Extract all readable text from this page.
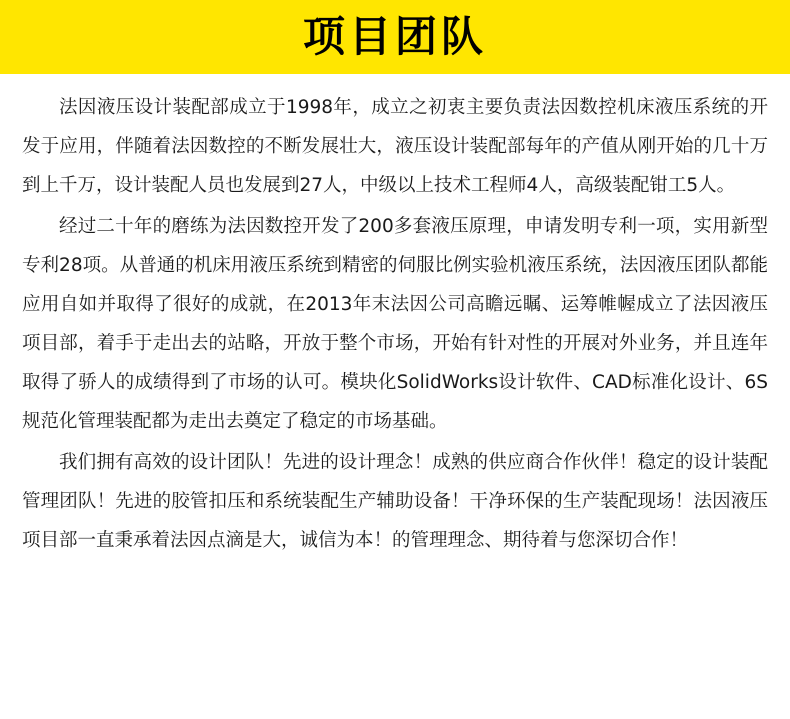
项目团队

法因液压设计装配部成立于1998年，成立之初衷主要负责法因数控机床液压系统的开发于应用，伴随着法因数控的不断发展壮大，液压设计装配部每年的产值从刚开始的几十万到上千万，设计装配人员也发展到27人，中级以上技术工程师4人，高级装配钳工5人。

经过二十年的磨练为法因数控开发了200多套液压原理，申请发明专利一项，实用新型专利28项。从普通的机床用液压系统到精密的伺服比例实验机液压系统，法因液压团队都能应用自如并取得了很好的成就，在2013年末法因公司高瞻远瞩、运筹帷幄成立了法因液压项目部，着手于走出去的站略，开放于整个市场，开始有针对性的开展对外业务，并且连年取得了骄人的成绩得到了市场的认可。模块化SolidWorks设计软件、CAD标准化设计、6S规范化管理装配都为走出去奠定了稳定的市场基础。

我们拥有高效的设计团队！先进的设计理念！成熟的供应商合作伙伴！稳定的设计装配管理团队！先进的胶管扣压和系统装配生产辅助设备！干净环保的生产装配现场！法因液压项目部一直秉承着法因点滴是大，诚信为本！的管理理念、期待着与您深切合作！
